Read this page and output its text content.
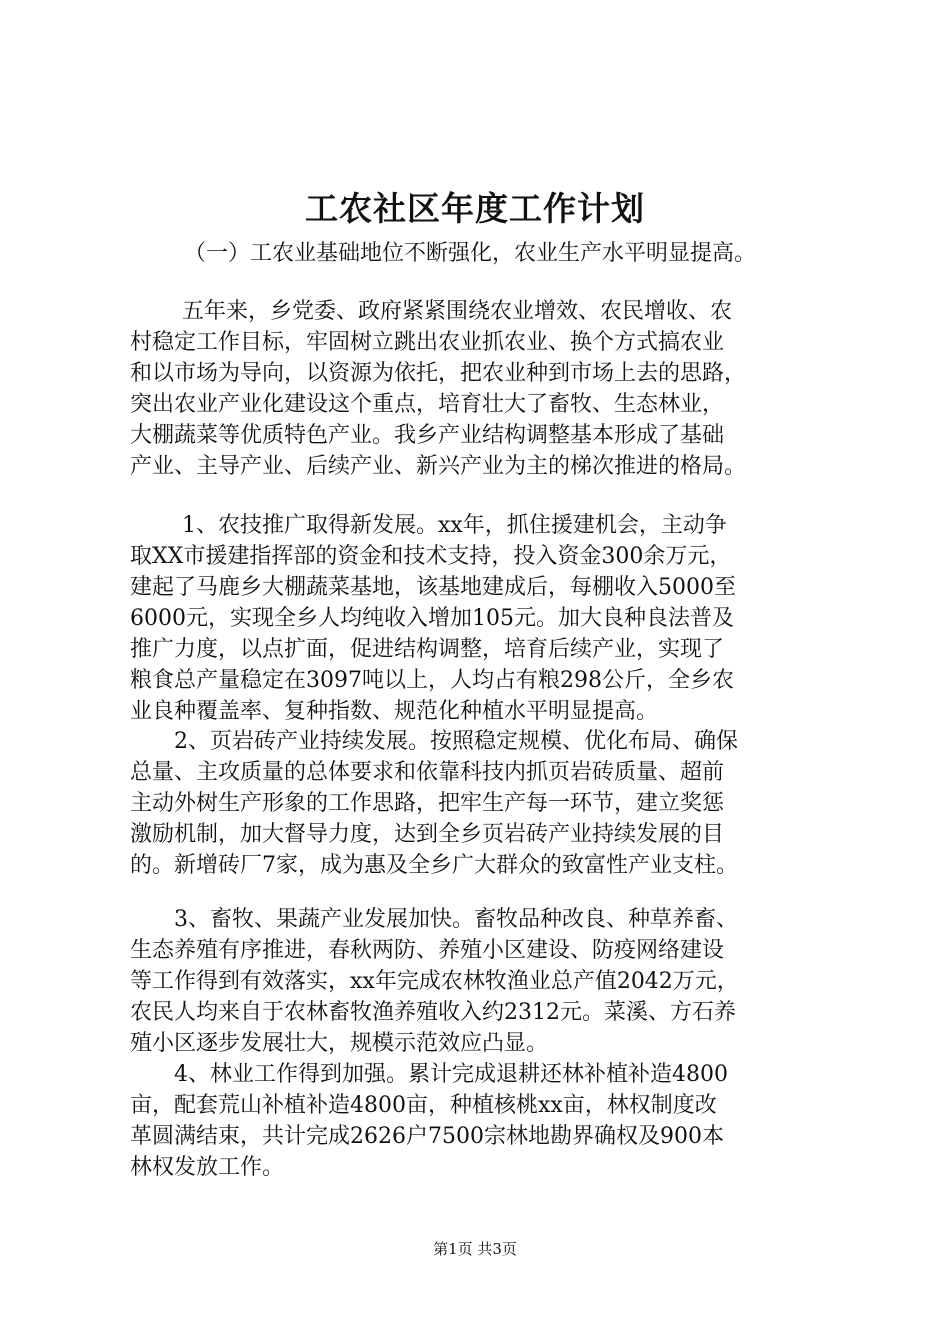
工农社区年度工作计划
（一）工农业基础地位不断强化，农业生产水平明显提高。
五年来，乡党委、政府紧紧围绕农业增效、农民增收、农
村稳定工作目标，牢固树立跳出农业抓农业、换个方式搞农业
和以市场为导向，以资源为依托，把农业种到市场上去的思路，
突出农业产业化建设这个重点，培育壮大了畜牧、生态林业，
大棚蔬菜等优质特色产业。我乡产业结构调整基本形成了基础
产业、主导产业、后续产业、新兴产业为主的梯次推进的格局。
1、农技推广取得新发展。xx年，抓住援建机会，主动争
取XX市援建指挥部的资金和技术支持，投入资金300余万元，
建起了马鹿乡大棚蔬菜基地，该基地建成后，每棚收入5000至
6000元，实现全乡人均纯收入增加105元。加大良种良法普及
推广力度，以点扩面，促进结构调整，培育后续产业，实现了
粮食总产量稳定在3097吨以上，人均占有粮298公斤，全乡农
业良种覆盖率、复种指数、规范化种植水平明显提高。
2、页岩砖产业持续发展。按照稳定规模、优化布局、确保
总量、主攻质量的总体要求和依靠科技内抓页岩砖质量、超前
主动外树生产形象的工作思路，把牢生产每一环节，建立奖惩
激励机制，加大督导力度，达到全乡页岩砖产业持续发展的目
的。新增砖厂7家，成为惠及全乡广大群众的致富性产业支柱。
3、畜牧、果蔬产业发展加快。畜牧品种改良、种草养畜、
生态养殖有序推进，春秋两防、养殖小区建设、防疫网络建设
等工作得到有效落实，xx年完成农林牧渔业总产值2042万元，
农民人均来自于农林畜牧渔养殖收入约2312元。菜溪、方石养
殖小区逐步发展壮大，规模示范效应凸显。
4、林业工作得到加强。累计完成退耕还林补植补造4800
亩，配套荒山补植补造4800亩，种植核桃xx亩，林权制度改
革圆满结束，共计完成2626户7500宗林地勘界确权及900本
林权发放工作。
第1页 共3页
